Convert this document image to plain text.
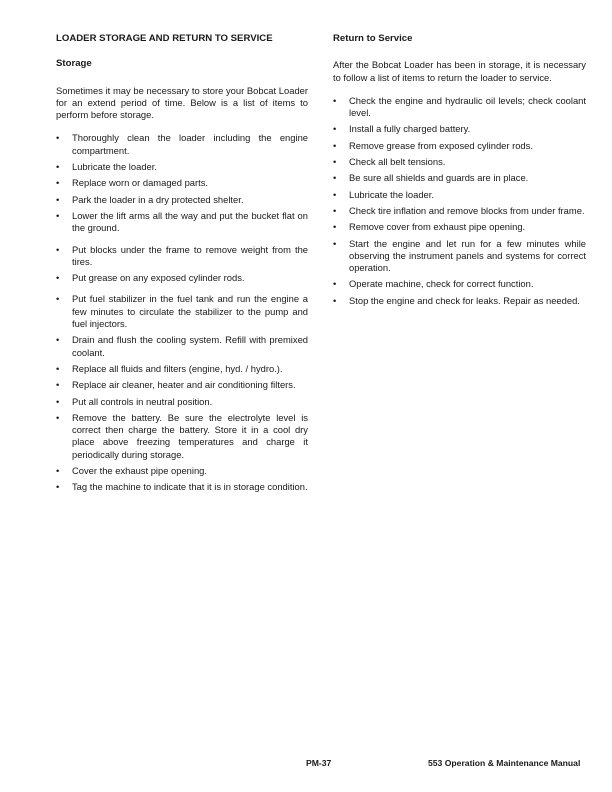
LOADER STORAGE AND RETURN TO SERVICE
Storage

Sometimes it may be necessary to store your Bobcat Loader for an extend period of time. Below is a list of items to perform before storage.

• Thoroughly clean the loader including the engine compartment.
• Lubricate the loader.
• Replace worn or damaged parts.
• Park the loader in a dry protected shelter.
• Lower the lift arms all the way and put the bucket flat on the ground.
• Put blocks under the frame to remove weight from the tires.
• Put grease on any exposed cylinder rods.
• Put fuel stabilizer in the fuel tank and run the engine a few minutes to circulate the stabilizer to the pump and fuel injectors.
• Drain and flush the cooling system. Refill with premixed coolant.
• Replace all fluids and filters (engine, hyd. / hydro.).
• Replace air cleaner, heater and air conditioning filters.
• Put all controls in neutral position.
• Remove the battery. Be sure the electrolyte level is correct then charge the battery. Store it in a cool dry place above freezing temperatures and charge it periodically during storage.
• Cover the exhaust pipe opening.
• Tag the machine to indicate that it is in storage condition.
Return to Service

After the Bobcat Loader has been in storage, it is necessary to follow a list of items to return the loader to service.

• Check the engine and hydraulic oil levels; check coolant level.
• Install a fully charged battery.
• Remove grease from exposed cylinder rods.
• Check all belt tensions.
• Be sure all shields and guards are in place.
• Lubricate the loader.
• Check tire inflation and remove blocks from under frame.
• Remove cover from exhaust pipe opening.
• Start the engine and let run for a few minutes while observing the instrument panels and systems for correct operation.
• Operate machine, check for correct function.
• Stop the engine and check for leaks. Repair as needed.
PM-37	553 Operation & Maintenance Manual
